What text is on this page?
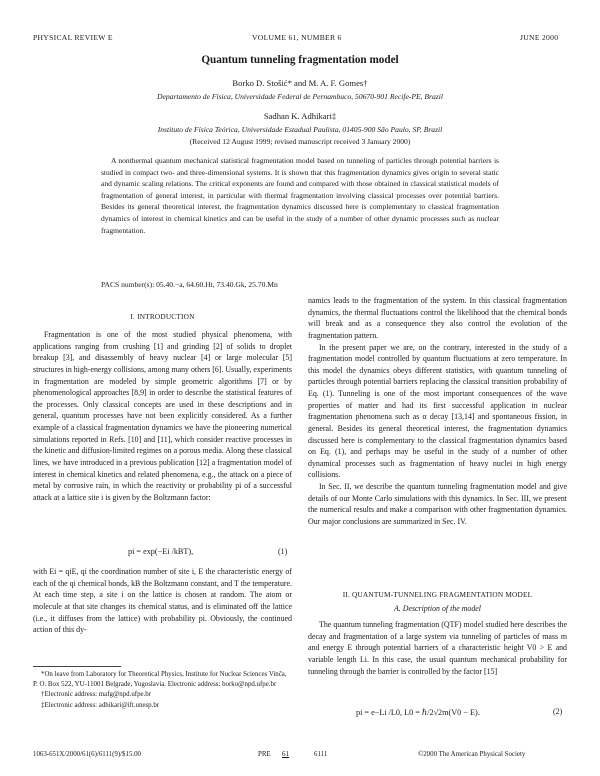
PHYSICAL REVIEW E	VOLUME 61, NUMBER 6	JUNE 2000
Quantum tunneling fragmentation model
Borko D. Stošić* and M. A. F. Gomes†
Departamento de Física, Universidade Federal de Pernambuco, 50670-901 Recife-PE, Brazil
Sadhan K. Adhikari‡
Instituto de Física Teórica, Universidade Estadual Paulista, 01405-900 São Paulo, SP, Brazil
(Received 12 August 1999; revised manuscript received 3 January 2000)
A nonthermal quantum mechanical statistical fragmentation model based on tunneling of particles through potential barriers is studied in compact two- and three-dimensional systems. It is shown that this fragmentation dynamics gives origin to several static and dynamic scaling relations. The critical exponents are found and compared with those obtained in classical statistical models of fragmentation of general interest, in particular with thermal fragmentation involving classical processes over potential barriers. Besides its general theoretical interest, the fragmentation dynamics discussed here is complementary to classical fragmentation dynamics of interest in chemical kinetics and can be useful in the study of a number of other dynamic processes such as nuclear fragmentation.
PACS number(s): 05.40.−a, 64.60.Ht, 73.40.Gk, 25.70.Mn
I. INTRODUCTION

Fragmentation is one of the most studied physical phenomena, with applications ranging from crushing [1] and grinding [2] of solids to droplet breakup [3], and disassembly of heavy nuclear [4] or large molecular [5] structures in high-energy collisions, among many others [6]. Usually, experiments in fragmentation are modeled by simple geometric algorithms [7] or by phenomenological approaches [8,9] in order to describe the statistical features of the processes. Only classical concepts are used in these descriptions and in general, quantum processes have not been explicitly considered. As a further example of a classical fragmentation dynamics we have the pioneering numerical simulations reported in Refs. [10] and [11], which consider reactive processes in the kinetic and diffusion-limited regimes on a porous media. Along these classical lines, we have introduced in a previous publication [12] a fragmentation model of interest in chemical kinetics and related phenomena, e.g., the attack on a piece of metal by corrosive rain, in which the reactivity or probability pi of a successful attack at a lattice site i is given by the Boltzmann factor:

pi = exp(−Ei /kBT),	(1)

with Ei = qiE, qi the coordination number of site i, E the characteristic energy of each of the qi chemical bonds, kB the Boltzmann constant, and T the temperature. At each time step, a site i on the lattice is chosen at random. The atom or molecule at that site changes its chemical status, and is eliminated off the lattice (i.e., it diffuses from the lattice) with probability pi. Obviously, the continued action of this dy-

*On leave from Laboratory for Theoretical Physics, Institute for Nuclear Sciences Vinča, P. O. Box 522, YU-11001 Belgrade, Yugoslavia. Electronic address: borko@npd.ufpe.br

†Electronic address: mafg@npd.ufpe.br

‡Electronic address: adhikari@ift.unesp.br

namics leads to the fragmentation of the system. In this classical fragmentation dynamics, the thermal fluctuations control the likelihood that the chemical bonds will break and as a consequence they also control the evolution of the fragmentation pattern.

In the present paper we are, on the contrary, interested in the study of a fragmentation model controlled by quantum fluctuations at zero temperature. In this model the dynamics obeys different statistics, with quantum tunneling of particles through potential barriers replacing the classical transition probability of Eq. (1). Tunneling is one of the most important consequences of the wave properties of matter and had its first successful application in nuclear fragmentation phenomena such as α decay [13,14] and spontaneous fission, in general. Besides its general theoretical interest, the fragmentation dynamics discussed here is complementary to the classical fragmentation dynamics based on Eq. (1), and perhaps may be useful in the study of a number of other dynamical processes such as fragmentation of heavy nuclei in high energy collisions.

In Sec. II, we describe the quantum tunneling fragmentation model and give details of our Monte Carlo simulations with this dynamics. In Sec. III, we present the numerical results and make a comparison with other fragmentation dynamics. Our major conclusions are summarized in Sec. IV.

II. QUANTUM-TUNNELING FRAGMENTATION MODEL
A. Description of the model

The quantum tunneling fragmentation (QTF) model studied here describes the decay and fragmentation of a large system via tunneling of particles of mass m and energy E through potential barriers of a characteristic height V0 > E and variable length Li. In this case, the usual quantum mechanical probability for tunneling through the barrier is controlled by the factor [15]

pi = e−Li /L0, L0 = ℏ/2√2m(V0 − E).	(2)
1063-651X/2000/61(6)/6111(9)/$15.00	PRE 61	6111	©2000 The American Physical Society
